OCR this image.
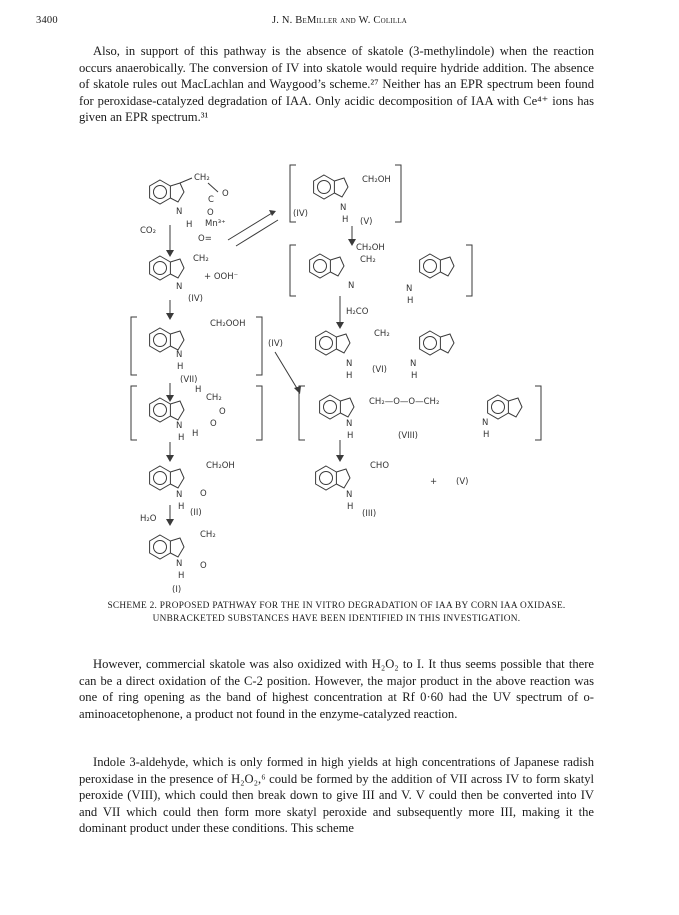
3400	J. N. BeMiller and W. Colilla

Also, in support of this pathway is the absence of skatole (3-methylindole) when the reaction occurs anaerobically. The conversion of IV into skatole would require hydride addition. The absence of skatole rules out MacLachlan and Waygood’s scheme.²⁷ Neither has an EPR spectrum been found for peroxidase-catalyzed degradation of IAA. Only acidic decomposition of IAA with Ce⁴⁺ ions has given an EPR spectrum.³¹

CH₂
O
C
O
N
H Mn³⁺
O=
CO₂
CH₂
+ OOH⁻
N
(IV)
CH₂OH
N
H (V)
(IV)
CH₂OH
CH₂
N	N
H
H₂CO
CH₂
N
H
(VI)
N
H
CH₂OOH
N
H
(VII)
(IV)
H
CH₂
O
O
N
H H
CH₂—O—O—CH₂
N
H	(VIII)
N
H
CH₂OH
N O
H
(II)
H₂O
CHO
N
H
(III)
+ (V)
CH₂
N O
H
(I)
SCHEME 2. PROPOSED PATHWAY FOR THE IN VITRO DEGRADATION OF IAA BY CORN IAA OXIDASE. UNBRACKETED SUBSTANCES HAVE BEEN IDENTIFIED IN THIS INVESTIGATION.

However, commercial skatole was also oxidized with H₂O₂ to I. It thus seems possible that there can be a direct oxidation of the C-2 position. However, the major product in the above reaction was one of ring opening as the band of highest concentration at Rf 0·60 had the UV spectrum of o-aminoacetophenone, a product not found in the enzyme-catalyzed reaction.

Indole 3-aldehyde, which is only formed in high yields at high concentrations of Japanese radish peroxidase in the presence of H₂O₂,⁶ could be formed by the addition of VII across IV to form skatyl peroxide (VIII), which could then break down to give III and V. V could then be converted into IV and VII which could then form more skatyl peroxide and subsequently more III, making it the dominant product under these conditions. This scheme
